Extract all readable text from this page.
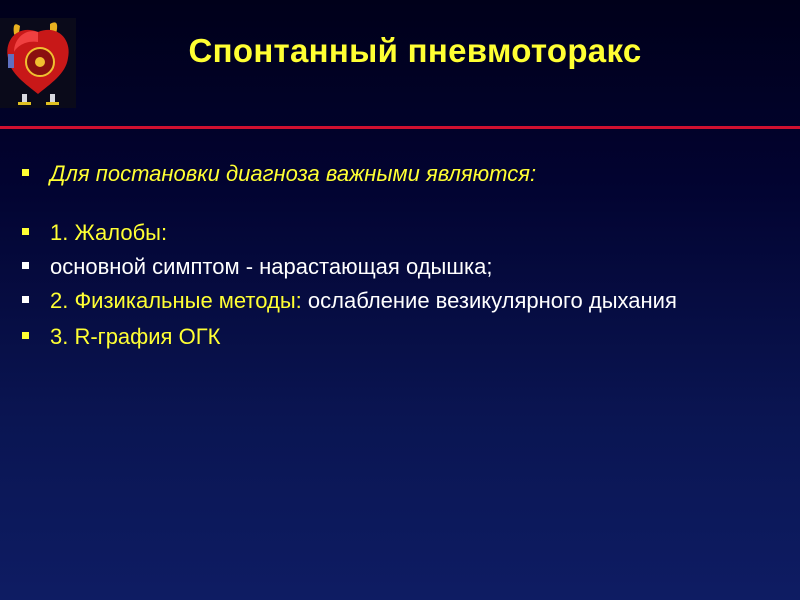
Спонтанный пневмоторакс
Для постановки диагноза важными являются:
1. Жалобы:
основной симптом - нарастающая одышка;
2. Физикальные методы: ослабление везикулярного дыхания
3. R-графия ОГК
